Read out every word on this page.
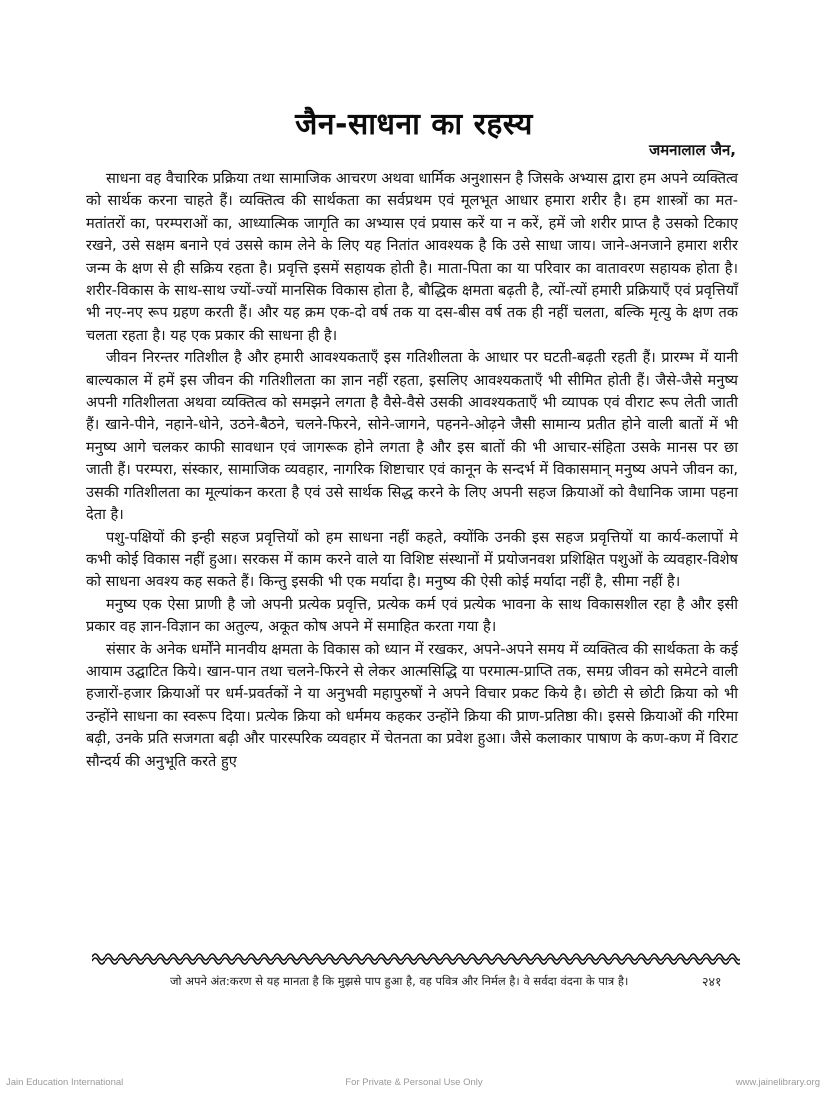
जैन-साधना का रहस्य
जमनालाल जैन,

साधना वह वैचारिक प्रक्रिया तथा सामाजिक आचरण अथवा धार्मिक अनुशासन है जिसके अभ्यास द्वारा हम अपने व्यक्तित्व को सार्थक करना चाहते हैं। व्यक्तित्व की सार्थकता का सर्वप्रथम एवं मूलभूत आधार हमारा शरीर है। हम शास्त्रों का मत-मतांतरों का, परम्पराओं का, आध्यात्मिक जागृति का अभ्यास एवं प्रयास करें या न करें, हमें जो शरीर प्राप्त है उसको टिकाए रखने, उसे सक्षम बनाने एवं उससे काम लेने के लिए यह नितांत आवश्यक है कि उसे साधा जाय। जाने-अनजाने हमारा शरीर जन्म के क्षण से ही सक्रिय रहता है। प्रवृत्ति इसमें सहायक होती है। माता-पिता का या परिवार का वातावरण सहायक होता है। शरीर-विकास के साथ-साथ ज्यों-ज्यों मानसिक विकास होता है, बौद्धिक क्षमता बढ़ती है, त्यों-त्यों हमारी प्रक्रियाएँ एवं प्रवृत्तियाँ भी नए-नए रूप ग्रहण करती हैं। और यह क्रम एक-दो वर्ष तक या दस-बीस वर्ष तक ही नहीं चलता, बल्कि मृत्यु के क्षण तक चलता रहता है। यह एक प्रकार की साधना ही है।

जीवन निरन्तर गतिशील है और हमारी आवश्यकताएँ इस गतिशीलता के आधार पर घटती-बढ़ती रहती हैं। प्रारम्भ में यानी बाल्यकाल में हमें इस जीवन की गतिशीलता का ज्ञान नहीं रहता, इसलिए आवश्यकताएँ भी सीमित होती हैं। जैसे-जैसे मनुष्य अपनी गतिशीलता अथवा व्यक्तित्व को समझने लगता है वैसे-वैसे उसकी आवश्यकताएँ भी व्यापक एवं वीराट रूप लेती जाती हैं। खाने-पीने, नहाने-धोने, उठने-बैठने, चलने-फिरने, सोने-जागने, पहनने-ओढ़ने जैसी सामान्य प्रतीत होने वाली बातों में भी मनुष्य आगे चलकर काफी सावधान एवं जागरूक होने लगता है और इस बातों की भी आचार-संहिता उसके मानस पर छा जाती हैं। परम्परा, संस्कार, सामाजिक व्यवहार, नागरिक शिष्टाचार एवं कानून के सन्दर्भ में विकासमान् मनुष्य अपने जीवन का, उसकी गतिशीलता का मूल्यांकन करता है एवं उसे सार्थक सिद्ध करने के लिए अपनी सहज क्रियाओं को वैधानिक जामा पहना देता है।

पशु-पक्षियों की इन्ही सहज प्रवृत्तियों को हम साधना नहीं कहते, क्योंकि उनकी इस सहज प्रवृत्तियों या कार्य-कलापों मे कभी कोई विकास नहीं हुआ। सरकस में काम करने वाले या विशिष्ट संस्थानों में प्रयोजनवश प्रशिक्षित पशुओं के व्यवहार-विशेष को साधना अवश्य कह सकते हैं। किन्तु इसकी भी एक मर्यादा है। मनुष्य की ऐसी कोई मर्यादा नहीं है, सीमा नहीं है।

मनुष्य एक ऐसा प्राणी है जो अपनी प्रत्येक प्रवृत्ति, प्रत्येक कर्म एवं प्रत्येक भावना के साथ विकासशील रहा है और इसी प्रकार वह ज्ञान-विज्ञान का अतुल्य, अकूत कोष अपने में समाहित करता गया है।

संसार के अनेक धर्मोंने मानवीय क्षमता के विकास को ध्यान में रखकर, अपने-अपने समय में व्यक्तित्व की सार्थकता के कई आयाम उद्घाटित किये। खान-पान तथा चलने-फिरने से लेकर आत्मसिद्धि या परमात्म-प्राप्ति तक, समग्र जीवन को समेटने वाली हजारों-हजार क्रियाओं पर धर्म-प्रवर्तकों ने या अनुभवी महापुरुषों ने अपने विचार प्रकट किये है। छोटी से छोटी क्रिया को भी उन्होंने साधना का स्वरूप दिया। प्रत्येक क्रिया को धर्ममय कहकर उन्होंने क्रिया की प्राण-प्रतिष्ठा की। इससे क्रियाओं की गरिमा बढ़ी, उनके प्रति सजगता बढ़ी और पारस्परिक व्यवहार में चेतनता का प्रवेश हुआ। जैसे कलाकार पाषाण के कण-कण में विराट सौन्दर्य की अनुभूति करते हुए

जो अपने अंत:करण से यह मानता है कि मुझसे पाप हुआ है, वह पवित्र और निर्मल है। वे सर्वदा वंदना के पात्र है।	२४१
Jain Education International	For Private & Personal Use Only	www.jainelibrary.org
